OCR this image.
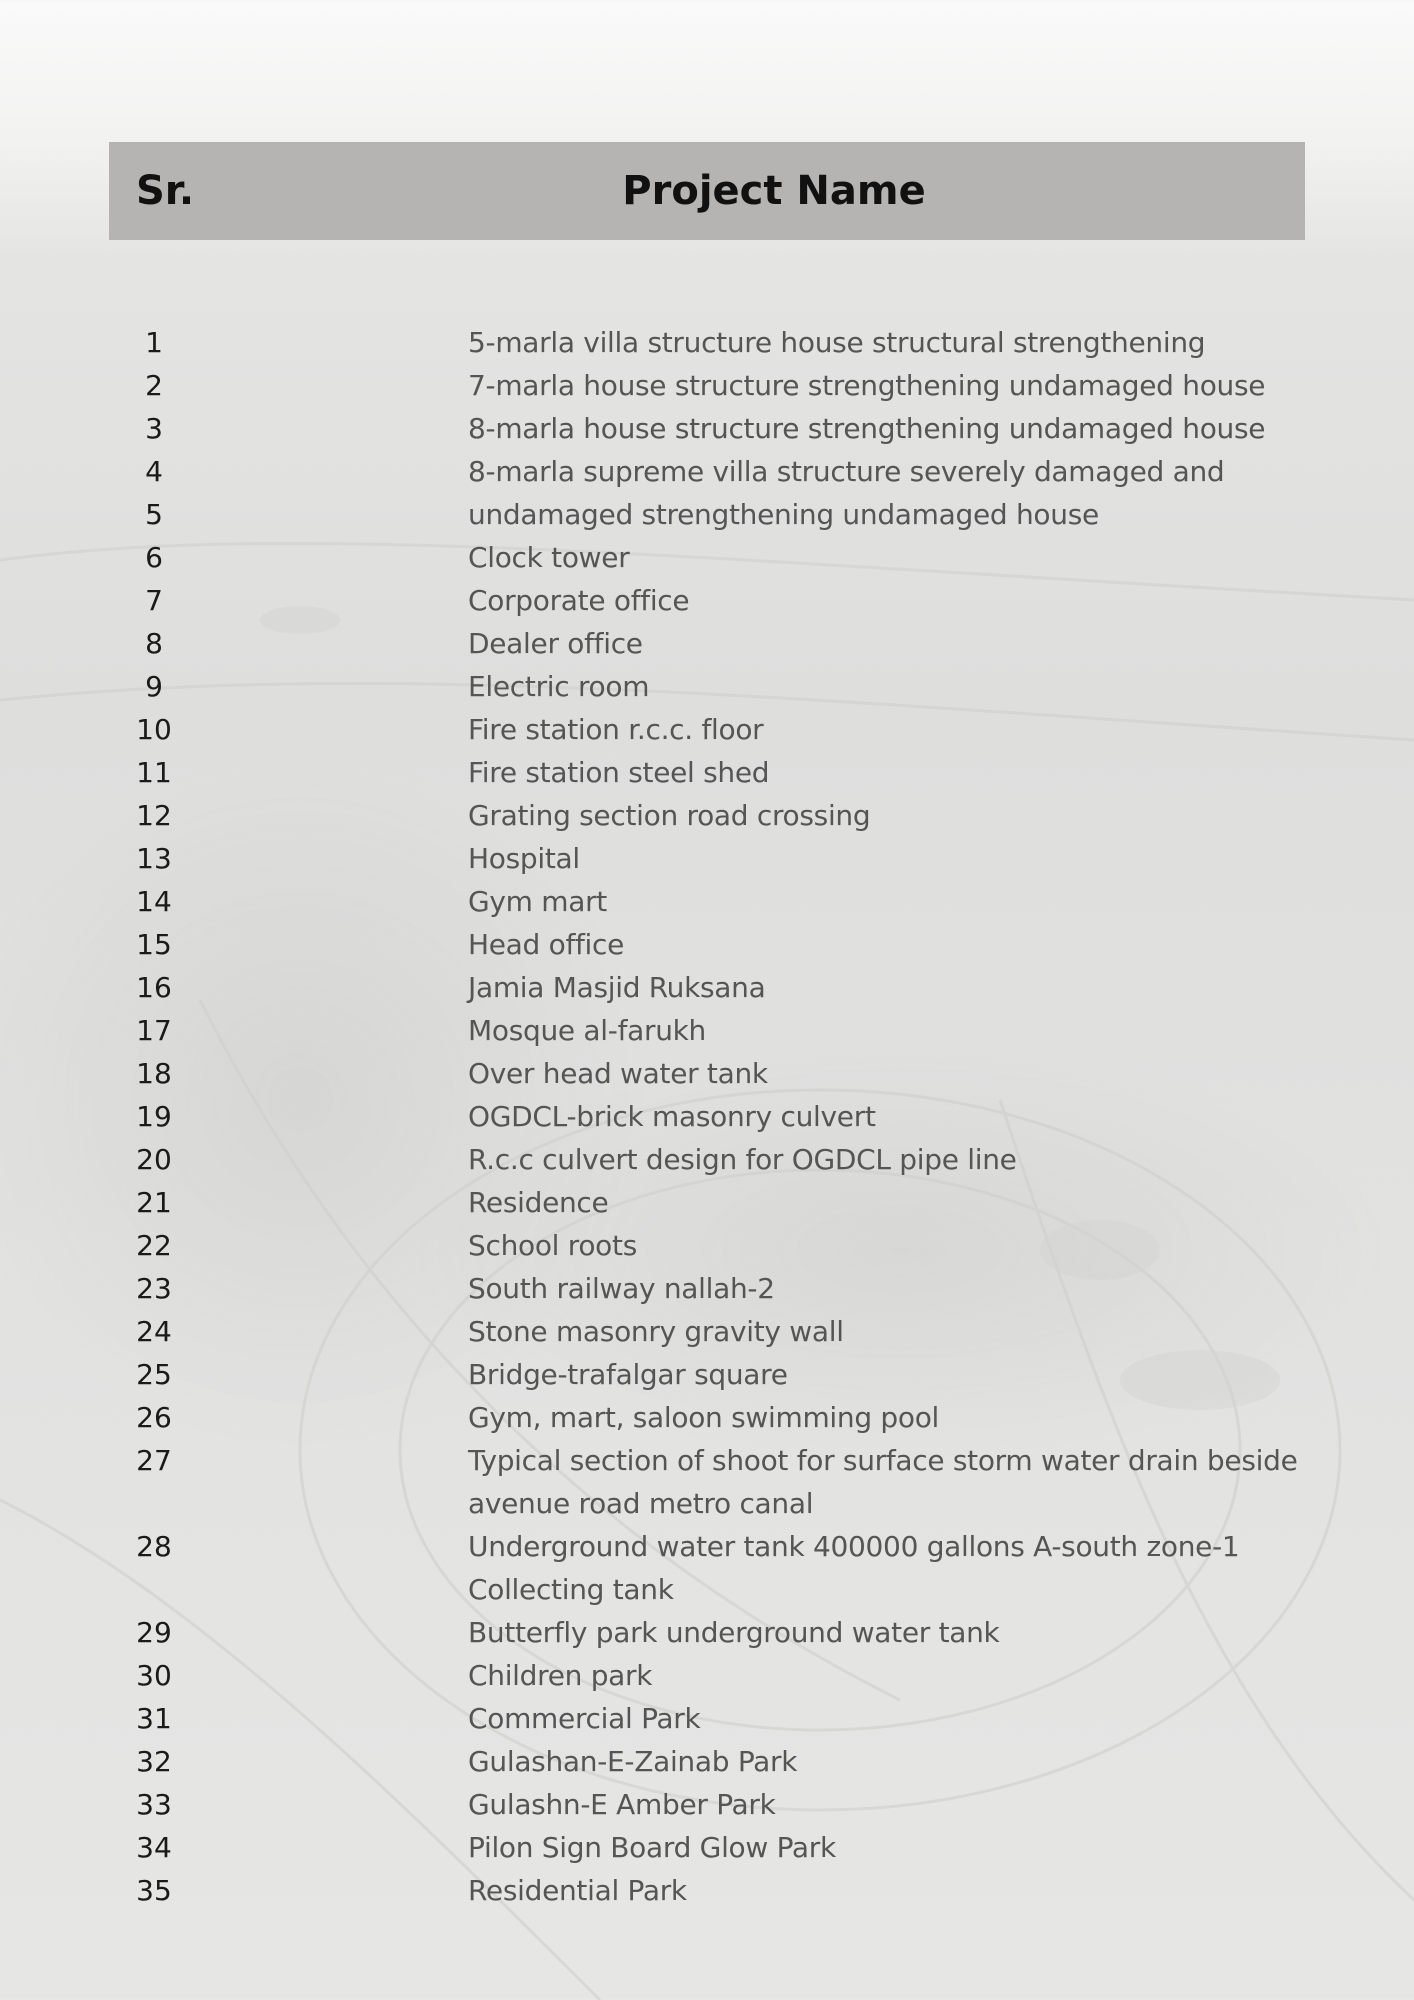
Sr.	Project Name
1	5-marla villa structure house structural strengthening
2	7-marla house structure strengthening undamaged house
3	8-marla house structure strengthening undamaged house
4	8-marla supreme villa structure severely damaged and
5	undamaged strengthening undamaged house
6	Clock tower
7	Corporate office
8	Dealer office
9	Electric room
10	Fire station r.c.c. floor
11	Fire station steel shed
12	Grating section road crossing
13	Hospital
14	Gym mart
15	Head office
16	Jamia Masjid Ruksana
17	Mosque al-farukh
18	Over head water tank
19	OGDCL-brick masonry culvert
20	R.c.c culvert design for OGDCL pipe line
21	Residence
22	School roots
23	South railway nallah-2
24	Stone masonry gravity wall
25	Bridge-trafalgar square
26	Gym, mart, saloon swimming pool
27	Typical section of shoot for surface storm water drain beside avenue road metro canal
28	Underground water tank 400000 gallons A-south zone-1 Collecting tank
29	Butterfly park underground water tank
30	Children park
31	Commercial Park
32	Gulashan-E-Zainab Park
33	Gulashn-E Amber Park
34	Pilon Sign Board Glow Park
35	Residential Park
